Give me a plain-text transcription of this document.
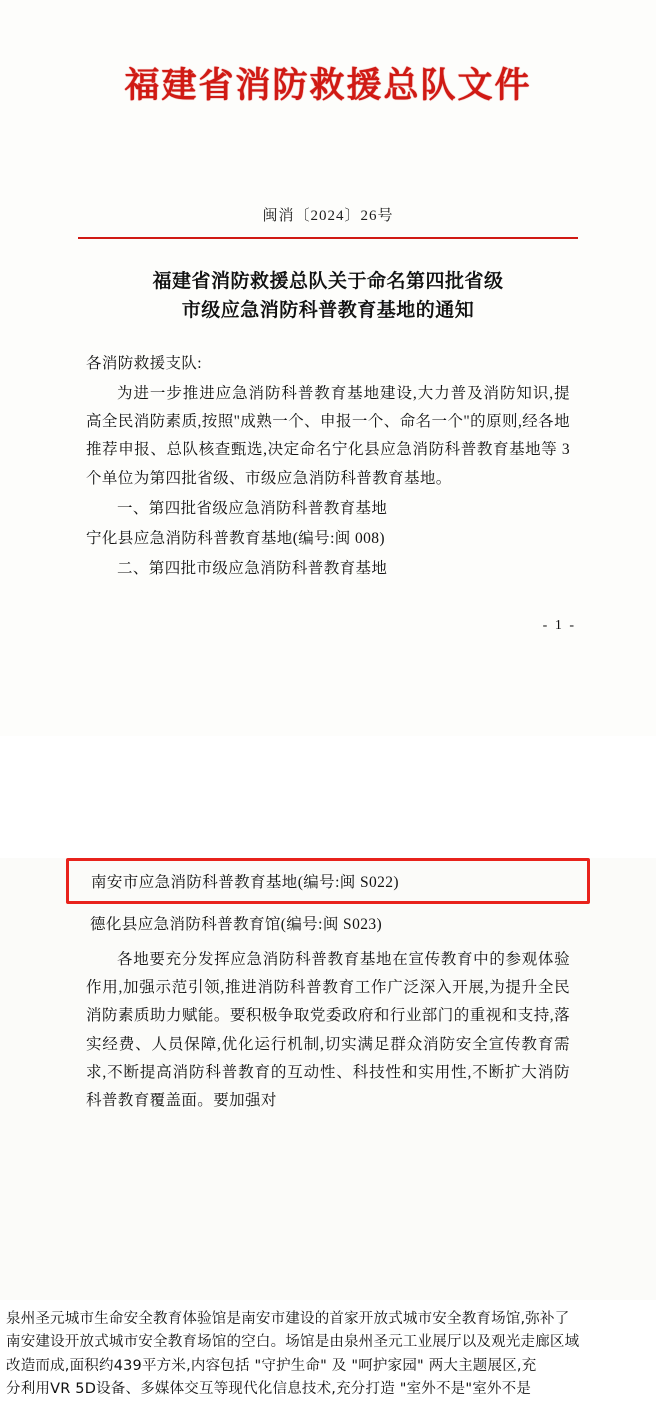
福建省消防救援总队文件
闽消〔2024〕26号
福建省消防救援总队关于命名第四批省级
市级应急消防科普教育基地的通知

各消防救援支队:

为进一步推进应急消防科普教育基地建设,大力普及消防知识,提高全民消防素质,按照"成熟一个、申报一个、命名一个"的原则,经各地推荐申报、总队核查甄选,决定命名宁化县应急消防科普教育基地等 3 个单位为第四批省级、市级应急消防科普教育基地。

一、第四批省级应急消防科普教育基地

宁化县应急消防科普教育基地(编号:闽 008)

二、第四批市级应急消防科普教育基地

- 1 -
南安市应急消防科普教育基地(编号:闽 S022)
德化县应急消防科普教育馆(编号:闽 S023)

各地要充分发挥应急消防科普教育基地在宣传教育中的参观体验作用,加强示范引领,推进消防科普教育工作广泛深入开展,为提升全民消防素质助力赋能。要积极争取党委政府和行业部门的重视和支持,落实经费、人员保障,优化运行机制,切实满足群众消防安全宣传教育需求,不断提高消防科普教育的互动性、科技性和实用性,不断扩大消防科普教育覆盖面。要加强对

泉州圣元城市生命安全教育体验馆是南安市建设的首家开放式城市安全教育场馆,弥补了

南安建设开放式城市安全教育场馆的空白。场馆是由泉州圣元工业展厅以及观光走廊区域

改造而成,面积约439平方米,内容包括 "守护生命" 及 "呵护家园" 两大主题展区,充

分利用VR 5D设备、多媒体交互等现代化信息技术,充分打造 "室外不是"室外不是
